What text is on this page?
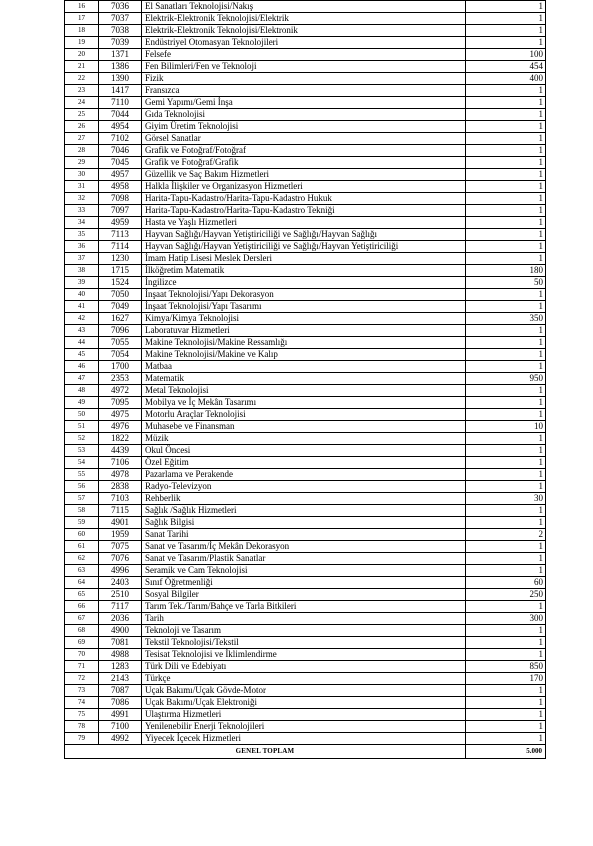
16	7036	El Sanatları Teknolojisi/Nakış	1
17	7037	Elektrik-Elektronik Teknolojisi/Elektrik	1
18	7038	Elektrik-Elektronik Teknolojisi/Elektronik	1
19	7039	Endüstriyel Otomasyan Teknolojileri	1
20	1371	Felsefe	100
21	1386	Fen Bilimleri/Fen ve Teknoloji	454
22	1390	Fizik	400
23	1417	Fransızca	1
24	7110	Gemi Yapımı/Gemi İnşa	1
25	7044	Gıda Teknolojisi	1
26	4954	Giyim Üretim Teknolojisi	1
27	7102	Görsel Sanatlar	1
28	7046	Grafik ve Fotoğraf/Fotoğraf	1
29	7045	Grafik ve Fotoğraf/Grafik	1
30	4957	Güzellik ve Saç Bakım Hizmetleri	1
31	4958	Halkla İlişkiler ve Organizasyon Hizmetleri	1
32	7098	Harita-Tapu-Kadastro/Harita-Tapu-Kadastro Hukuk	1
33	7097	Harita-Tapu-Kadastro/Harita-Tapu-Kadastro Tekniği	1
34	4959	Hasta ve Yaşlı Hizmetleri	1
35	7113	Hayvan Sağlığı/Hayvan Yetiştiriciliği ve Sağlığı/Hayvan Sağlığı	1
36	7114	Hayvan Sağlığı/Hayvan Yetiştiriciliği ve Sağlığı/Hayvan Yetiştiriciliği	1
37	1230	İmam Hatip Lisesi Meslek Dersleri	1
38	1715	İlköğretim Matematik	180
39	1524	İngilizce	50
40	7050	İnşaat Teknolojisi/Yapı Dekorasyon	1
41	7049	İnşaat Teknolojisi/Yapı Tasarımı	1
42	1627	Kimya/Kimya Teknolojisi	350
43	7096	Laboratuvar Hizmetleri	1
44	7055	Makine Teknolojisi/Makine Ressamlığı	1
45	7054	Makine Teknolojisi/Makine ve Kalıp	1
46	1700	Matbaa	1
47	2353	Matematik	950
48	4972	Metal Teknolojisi	1
49	7095	Mobilya ve İç Mekân Tasarımı	1
50	4975	Motorlu Araçlar Teknolojisi	1
51	4976	Muhasebe ve Finansman	10
52	1822	Müzik	1
53	4439	Okul Öncesi	1
54	7106	Özel Eğitim	1
55	4978	Pazarlama ve Perakende	1
56	2838	Radyo-Televizyon	1
57	7103	Rehberlik	30
58	7115	Sağlık /Sağlık Hizmetleri	1
59	4901	Sağlık Bilgisi	1
60	1959	Sanat Tarihi	2
61	7075	Sanat ve Tasarım/İç Mekân Dekorasyon	1
62	7076	Sanat ve Tasarım/Plastik Sanatlar	1
63	4996	Seramik ve Cam Teknolojisi	1
64	2403	Sınıf Öğretmenliği	60
65	2510	Sosyal Bilgiler	250
66	7117	Tarım Tek./Tarım/Bahçe ve Tarla Bitkileri	1
67	2036	Tarih	300
68	4900	Teknoloji ve Tasarım	1
69	7081	Tekstil Teknolojisi/Tekstil	1
70	4988	Tesisat Teknolojisi ve İklimlendirme	1
71	1283	Türk Dili ve Edebiyatı	850
72	2143	Türkçe	170
73	7087	Uçak Bakımı/Uçak Gövde-Motor	1
74	7086	Uçak Bakımı/Uçak Elektroniği	1
75	4991	Ulaştırma Hizmetleri	1
78	7100	Yenilenebilir Enerji Teknolojileri	1
79	4992	Yiyecek İçecek Hizmetleri	1
GENEL TOPLAM			5.000
